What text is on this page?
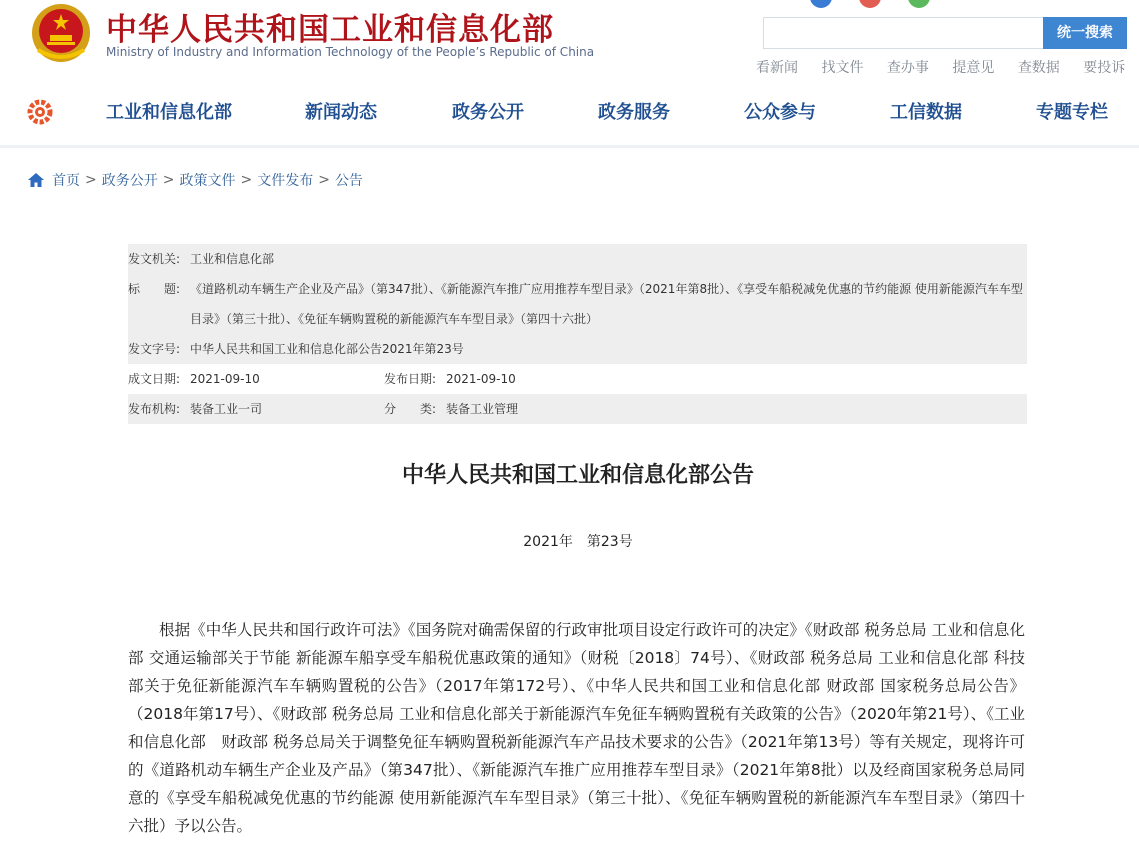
中华人民共和国工业和信息化部
Ministry of Industry and Information Technology of the People’s Republic of China

统一搜索
看新闻 找文件 查办事 提意见 查数据 要投诉
工业和信息化部	新闻动态	政务公开	政务服务	公众参与	工信数据	专题专栏
首页 > 政务公开 > 政策文件 > 文件发布 > 公告
发文机关: 工业和信息化部
标　　题: 《道路机动车辆生产企业及产品》（第347批）、《新能源汽车推广应用推荐车型目录》（2021年第8批）、《享受车船税减免优惠的节约能源 使用新能源汽车车型目录》（第三十批）、《免征车辆购置税的新能源汽车车型目录》（第四十六批）
发文字号: 中华人民共和国工业和信息化部公告2021年第23号
成文日期: 2021-09-10	发布日期: 2021-09-10
发布机构: 装备工业一司	分　　类: 装备工业管理
中华人民共和国工业和信息化部公告
2021年　第23号
根据《中华人民共和国行政许可法》《国务院对确需保留的行政审批项目设定行政许可的决定》《财政部 税务总局 工业和信息化部 交通运输部关于节能 新能源车船享受车船税优惠政策的通知》（财税〔2018〕74号）、《财政部 税务总局 工业和信息化部 科技部关于免征新能源汽车车辆购置税的公告》（2017年第172号）、《中华人民共和国工业和信息化部 财政部 国家税务总局公告》（2018年第17号）、《财政部 税务总局 工业和信息化部关于新能源汽车免征车辆购置税有关政策的公告》（2020年第21号）、《工业和信息化部　财政部 税务总局关于调整免征车辆购置税新能源汽车产品技术要求的公告》（2021年第13号）等有关规定，现将许可的《道路机动车辆生产企业及产品》（第347批）、《新能源汽车推广应用推荐车型目录》（2021年第8批）以及经商国家税务总局同意的《享受车船税减免优惠的节约能源 使用新能源汽车车型目录》（第三十批）、《免征车辆购置税的新能源汽车车型目录》（第四十六批）予以公告。
